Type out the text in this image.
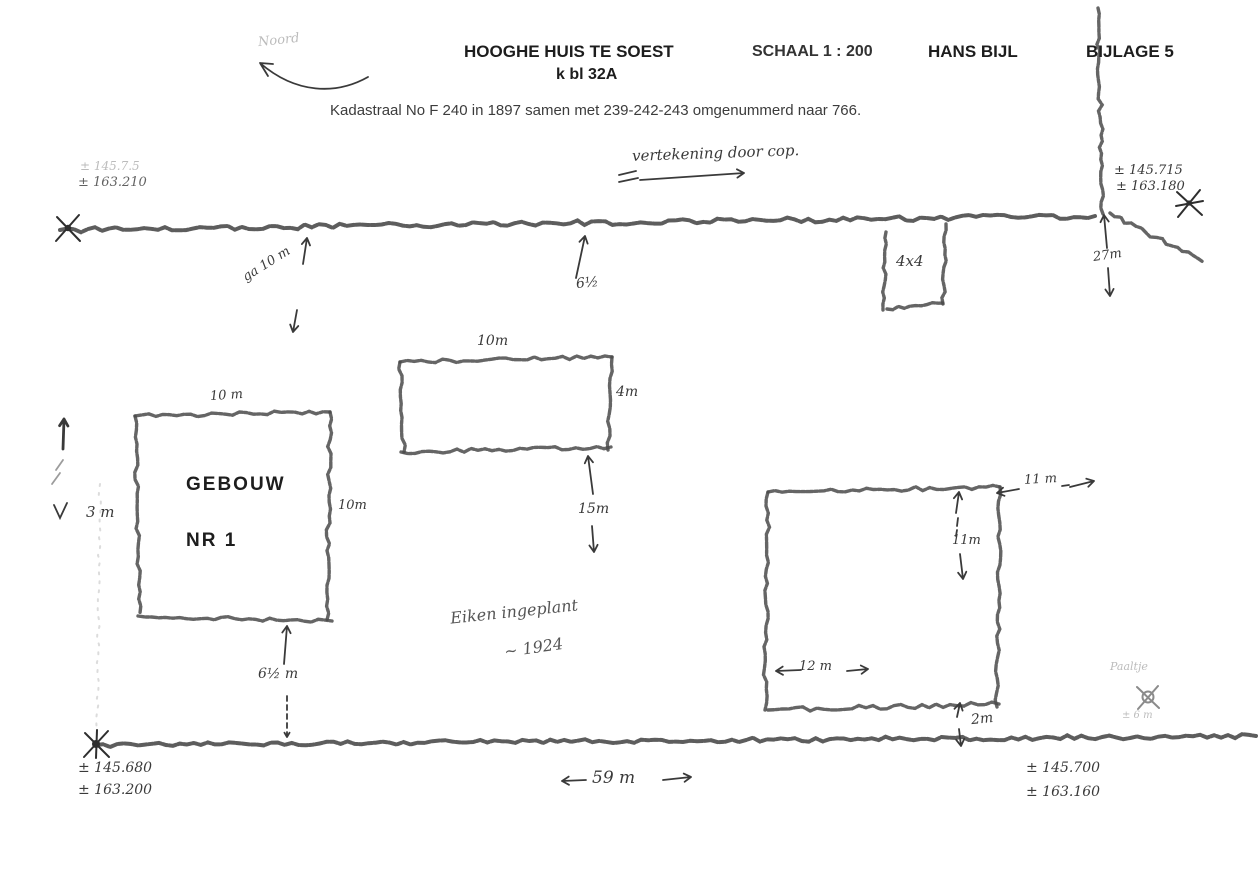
Noord
HOOGHE HUIS TE SOEST	SCHAAL 1 : 200	HANS BIJL	BIJLAGE 5
k bl 32A
Kadastraal No F 240 in 1897 samen met 239-242-243 omgenummerd naar 766.
vertekening door cop.
± 145.7.5
± 163.210
± 145.715
± 163.180
± 145.680
± 163.200
± 145.700
± 163.160
ga 10 m	6½
27m
3 m
59 m
GEBOUW
NR 1
10 m
10m
6½ m
10m
4m
15m
4x4
11 m
11m
12 m
2m
Eiken ingeplant
~ 1924
Paaltje
± 6 m
